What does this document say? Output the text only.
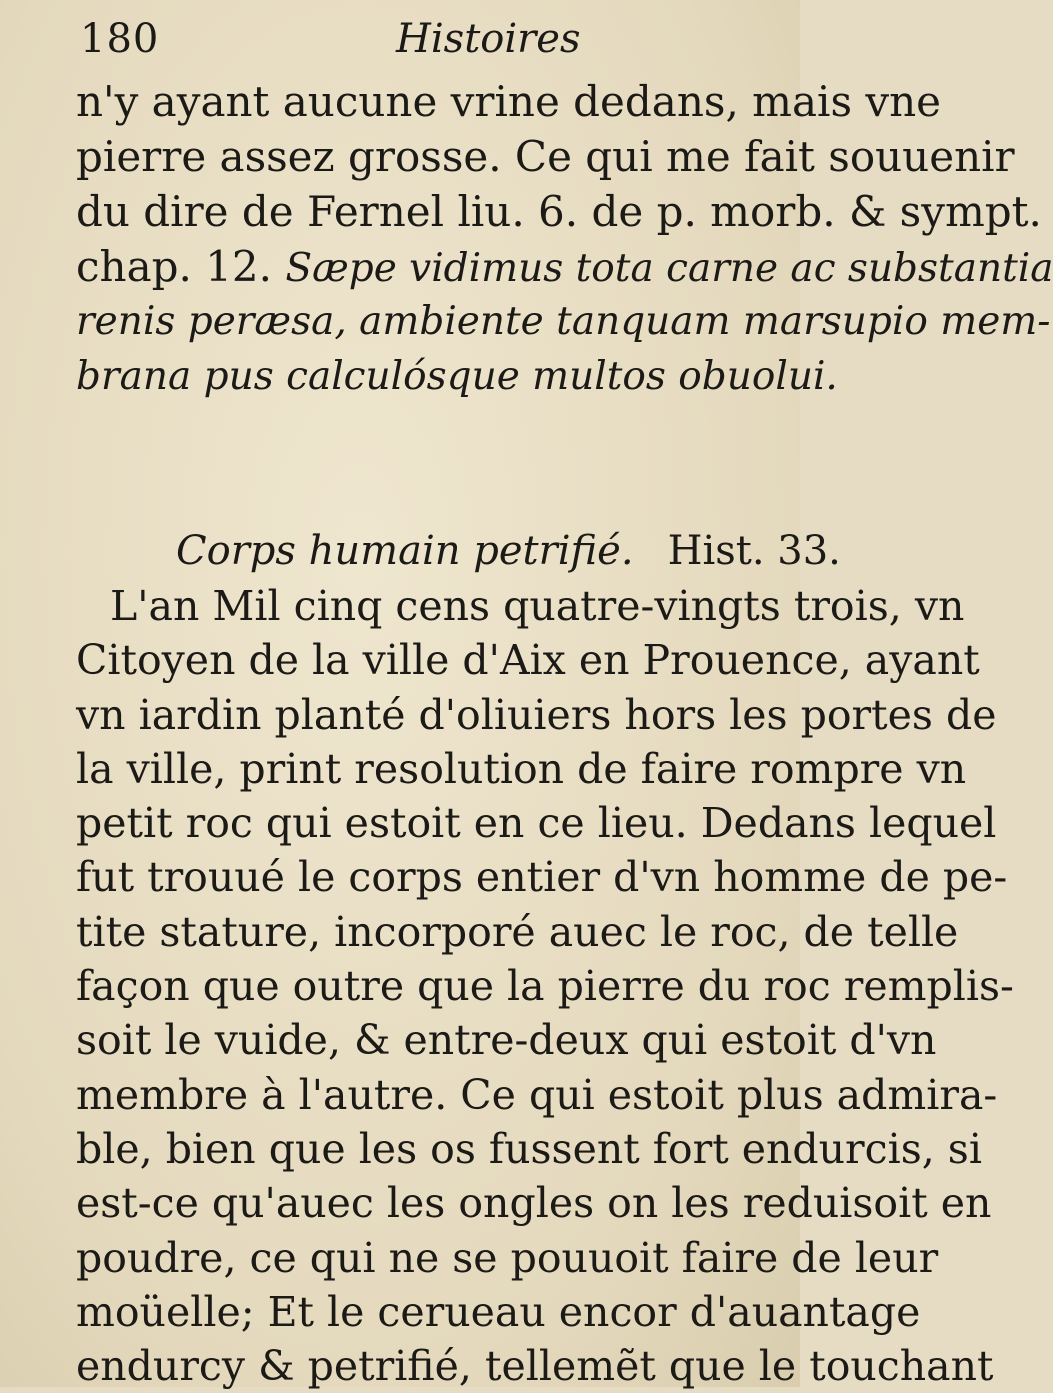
180	Histoires
n'y ayant aucune vrine dedans, mais vne
pierre assez grosse. Ce qui me fait souuenir
du dire de Fernel liu. 6. de p. morb. & sympt.
chap. 12. Sæpe vidimus tota carne ac substantia
renis peræsa, ambiente tanquam marsupio mem-
brana pus calculósque multos obuolui.
Corps humain petrifié. Hist. 33.
L'an Mil cinq cens quatre-vingts trois, vn
Citoyen de la ville d'Aix en Prouence, ayant
vn iardin planté d'oliuiers hors les portes de
la ville, print resolution de faire rompre vn
petit roc qui estoit en ce lieu. Dedans lequel
fut trouué le corps entier d'vn homme de pe-
tite stature, incorporé auec le roc, de telle
façon que outre que la pierre du roc remplis-
soit le vuide, & entre-deux qui estoit d'vn
membre à l'autre. Ce qui estoit plus admira-
ble, bien que les os fussent fort endurcis, si
est-ce qu'auec les ongles on les reduisoit en
poudre, ce qui ne se pouuoit faire de leur
moüelle; Et le cerueau encor d'auantage
endurcy & petrifié, tellemẽt que le touchant
